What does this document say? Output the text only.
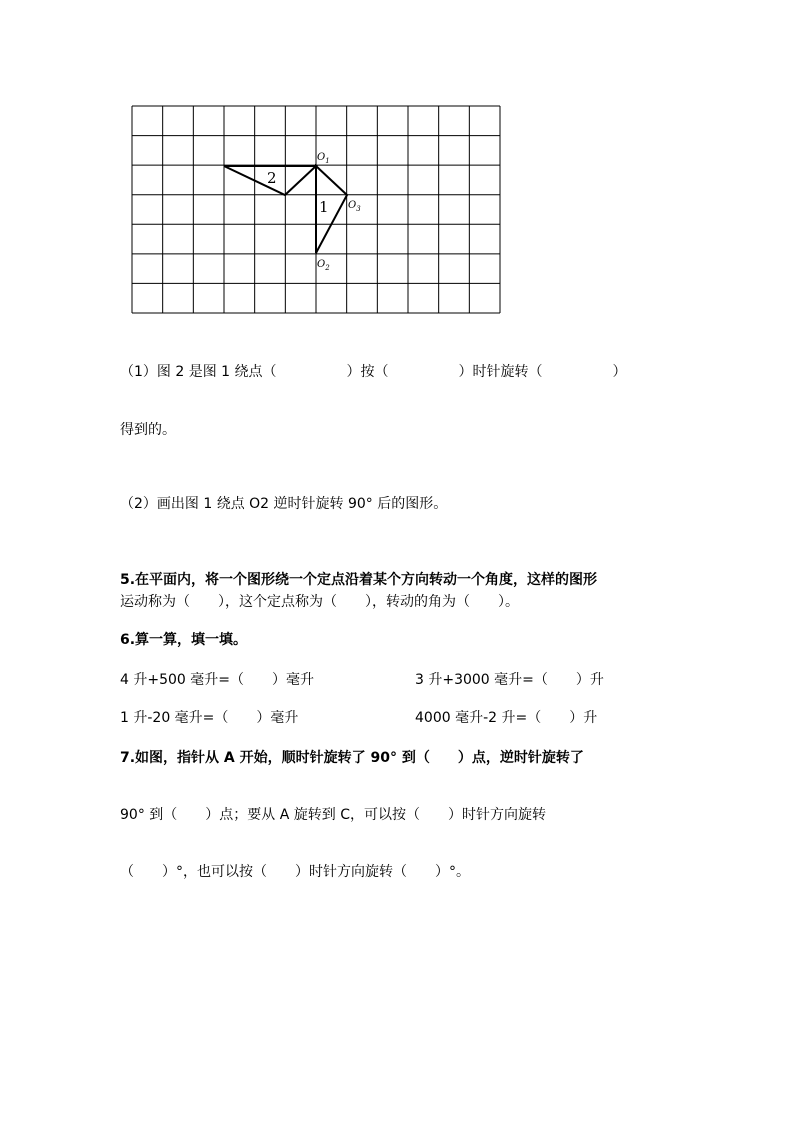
2
1
O1
O3
O2
（1）图 2 是图 1 绕点（　　　　　）按（　　　　　）时针旋转（　　　　　）
得到的。
（2）画出图 1 绕点 O2 逆时针旋转 90° 后的图形。
5.在平面内，将一个图形绕一个定点沿着某个方向转动一个角度，这样的图形
运动称为（　　），这个定点称为（　　），转动的角为（　　）。
6.算一算，填一填。
4 升+500 毫升=（　　）毫升	3 升+3000 毫升=（　　）升
1 升-20 毫升=（　　）毫升	4000 毫升-2 升=（　　）升
7.如图，指针从 A 开始，顺时针旋转了 90° 到（　　）点，逆时针旋转了
90° 到（　　）点；要从 A 旋转到 C，可以按（　　）时针方向旋转
（　　）°，也可以按（　　）时针方向旋转（　　）°。
